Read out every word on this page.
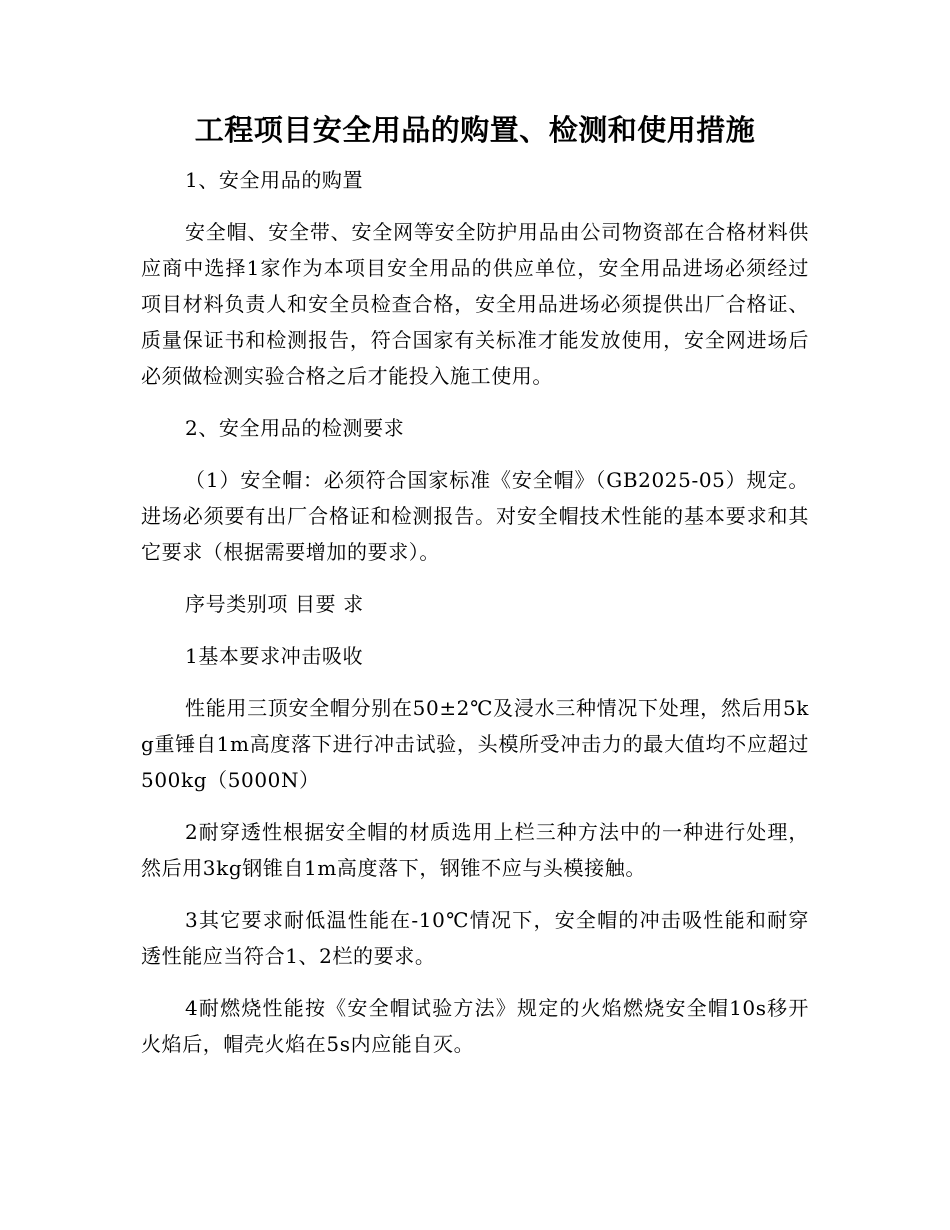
工程项目安全用品的购置、检测和使用措施

1、安全用品的购置

安全帽、安全带、安全网等安全防护用品由公司物资部在合格材料供应商中选择1家作为本项目安全用品的供应单位，安全用品进场必须经过项目材料负责人和安全员检查合格，安全用品进场必须提供出厂合格证、质量保证书和检测报告，符合国家有关标准才能发放使用，安全网进场后必须做检测实验合格之后才能投入施工使用。

2、安全用品的检测要求

（1）安全帽：必须符合国家标准《安全帽》（GB2025-05）规定。进场必须要有出厂合格证和检测报告。对安全帽技术性能的基本要求和其它要求（根据需要增加的要求）。

序号类别项 目要 求

1基本要求冲击吸收

性能用三顶安全帽分别在50±2℃及浸水三种情况下处理，然后用5kg重锤自1m高度落下进行冲击试验，头模所受冲击力的最大值均不应超过500kg（5000N）

2耐穿透性根据安全帽的材质选用上栏三种方法中的一种进行处理，然后用3kg钢锥自1m高度落下，钢锥不应与头模接触。

3其它要求耐低温性能在-10℃情况下，安全帽的冲击吸性能和耐穿透性能应当符合1、2栏的要求。

4耐燃烧性能按《安全帽试验方法》规定的火焰燃烧安全帽10s移开火焰后，帽壳火焰在5s内应能自灭。
